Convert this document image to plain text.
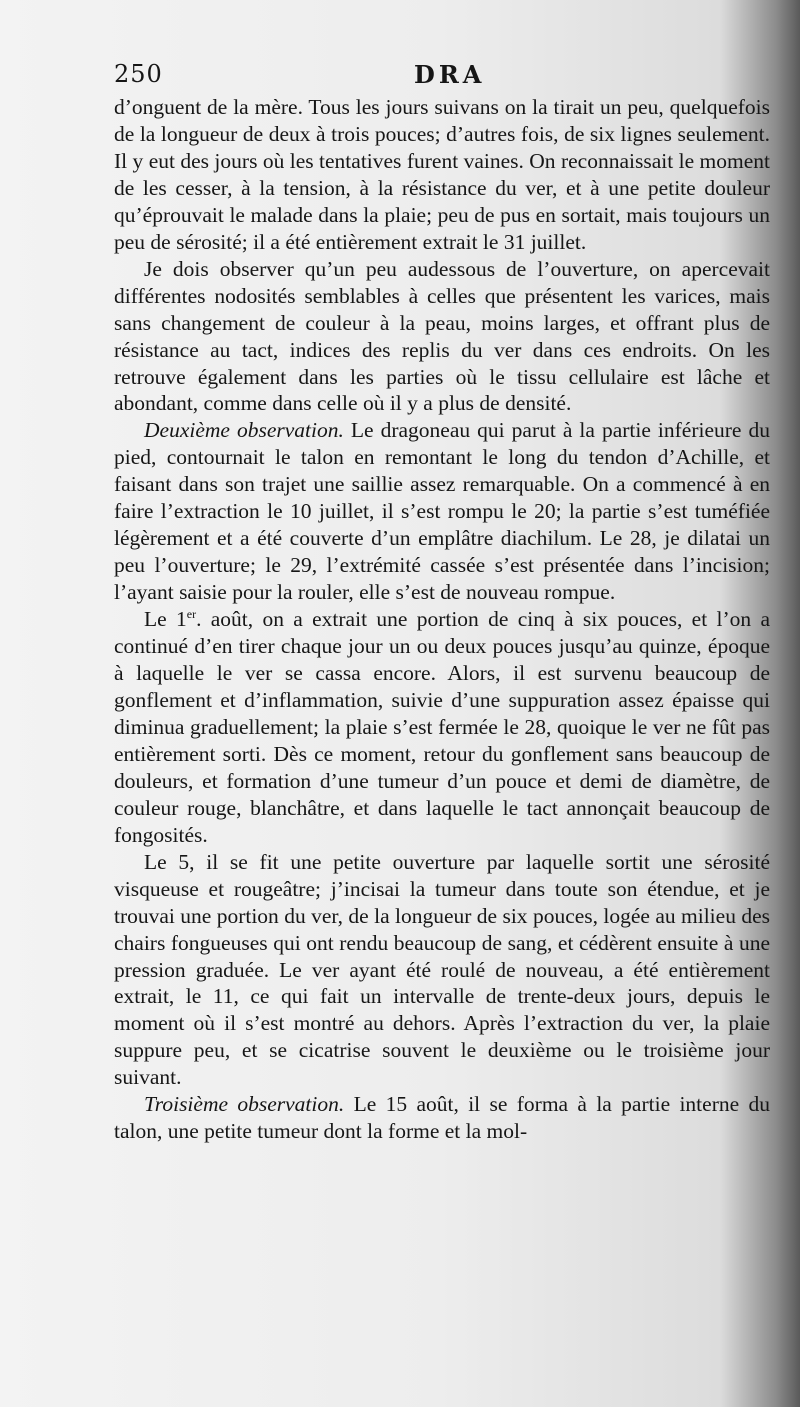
250	DRA

d’onguent de la mère. Tous les jours suivans on la tirait un peu, quelquefois de la longueur de deux à trois pouces; d’autres fois, de six lignes seulement. Il y eut des jours où les tentatives furent vaines. On reconnaissait le moment de les cesser, à la tension, à la résistance du ver, et à une petite douleur qu’éprouvait le malade dans la plaie; peu de pus en sortait, mais toujours un peu de sérosité; il a été entièrement extrait le 31 juillet.

Je dois observer qu’un peu audessous de l’ouverture, on apercevait différentes nodosités semblables à celles que présentent les varices, mais sans changement de couleur à la peau, moins larges, et offrant plus de résistance au tact, indices des replis du ver dans ces endroits. On les retrouve également dans les parties où le tissu cellulaire est lâche et abondant, comme dans celle où il y a plus de densité.

Deuxième observation. Le dragoneau qui parut à la partie inférieure du pied, contournait le talon en remontant le long du tendon d’Achille, et faisant dans son trajet une saillie assez remarquable. On a commencé à en faire l’extraction le 10 juillet, il s’est rompu le 20; la partie s’est tuméfiée légèrement et a été couverte d’un emplâtre diachilum. Le 28, je dilatai un peu l’ouverture; le 29, l’extrémité cassée s’est présentée dans l’incision; l’ayant saisie pour la rouler, elle s’est de nouveau rompue.

Le 1er. août, on a extrait une portion de cinq à six pouces, et l’on a continué d’en tirer chaque jour un ou deux pouces jusqu’au quinze, époque à laquelle le ver se cassa encore. Alors, il est survenu beaucoup de gonflement et d’inflammation, suivie d’une suppuration assez épaisse qui diminua graduellement; la plaie s’est fermée le 28, quoique le ver ne fût pas entièrement sorti. Dès ce moment, retour du gonflement sans beaucoup de douleurs, et formation d’une tumeur d’un pouce et demi de diamètre, de couleur rouge, blanchâtre, et dans laquelle le tact annonçait beaucoup de fongosités.

Le 5, il se fit une petite ouverture par laquelle sortit une sérosité visqueuse et rougeâtre; j’incisai la tumeur dans toute son étendue, et je trouvai une portion du ver, de la longueur de six pouces, logée au milieu des chairs fongueuses qui ont rendu beaucoup de sang, et cédèrent ensuite à une pression graduée. Le ver ayant été roulé de nouveau, a été entièrement extrait, le 11, ce qui fait un intervalle de trente-deux jours, depuis le moment où il s’est montré au dehors. Après l’extraction du ver, la plaie suppure peu, et se cicatrise souvent le deuxième ou le troisième jour suivant.

Troisième observation. Le 15 août, il se forma à la partie interne du talon, une petite tumeur dont la forme et la mol-
